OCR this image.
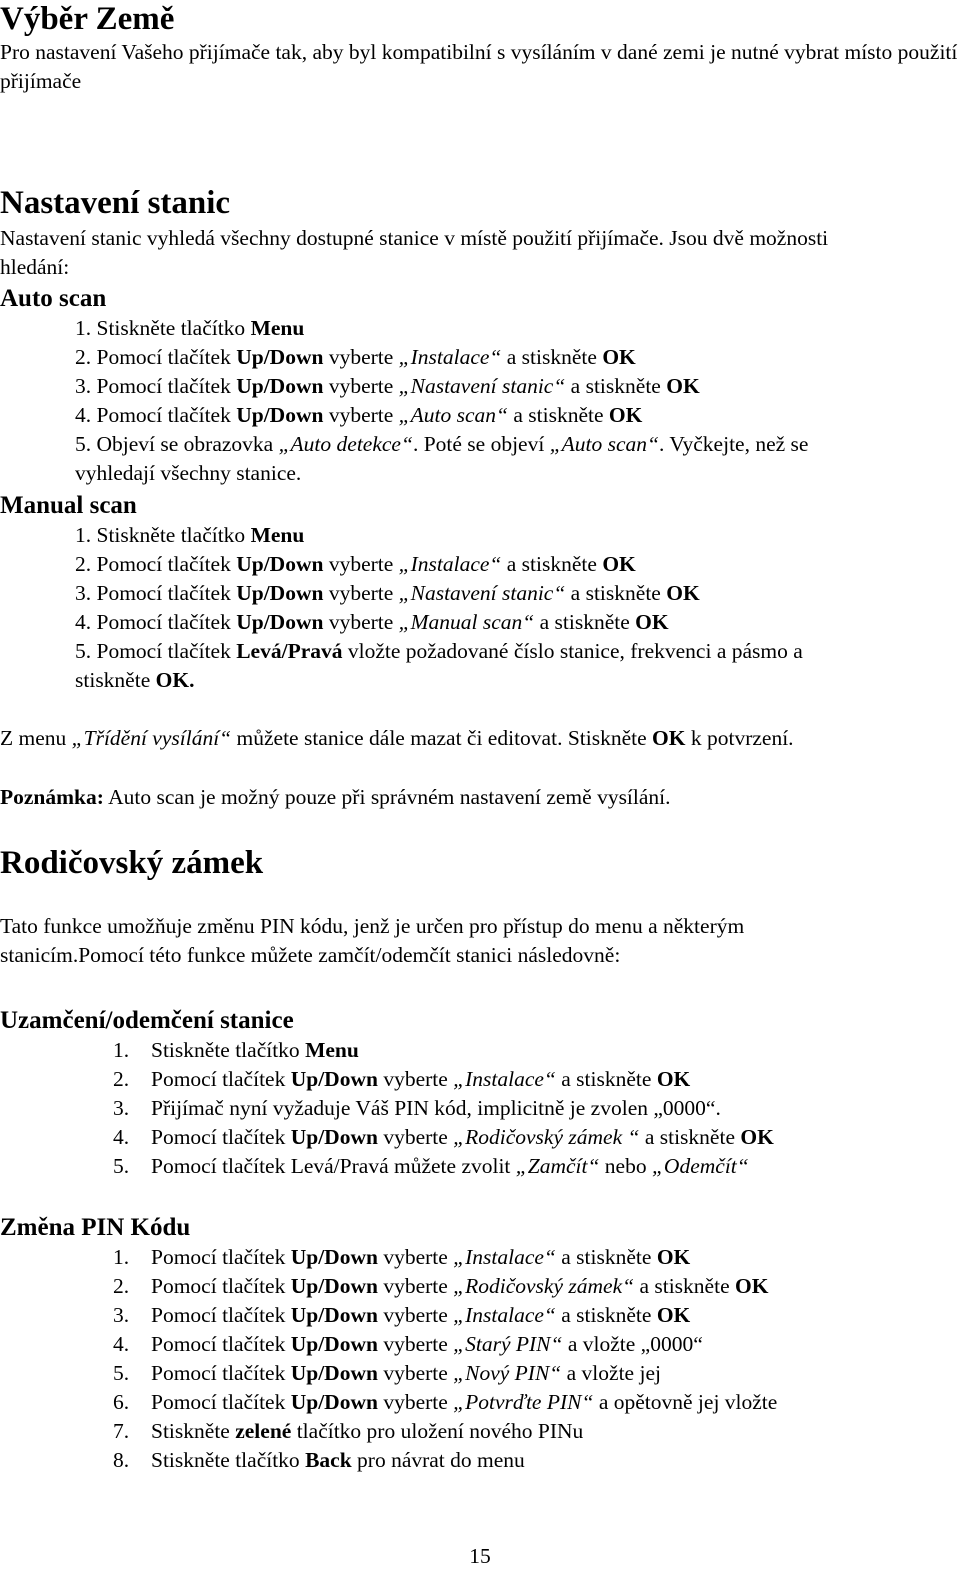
Výběr Země
Pro nastavení Vašeho přijímače tak, aby byl kompatibilní s vysíláním v dané zemi je nutné vybrat místo použití přijímače
Nastavení stanic
Nastavení stanic vyhledá všechny dostupné stanice v místě použití přijímače. Jsou dvě možnosti hledání:
Auto scan
1. Stiskněte tlačítko Menu
2. Pomocí tlačítek Up/Down vyberte „Instalace“ a stiskněte OK
3. Pomocí tlačítek Up/Down vyberte „Nastavení stanic“ a stiskněte OK
4. Pomocí tlačítek Up/Down vyberte „Auto scan“ a stiskněte OK
5. Objeví se obrazovka „Auto detekce“. Poté se objeví „Auto scan“. Vyčkejte, než se
vyhledají všechny stanice.
Manual scan
1. Stiskněte tlačítko Menu
2. Pomocí tlačítek Up/Down vyberte „Instalace“ a stiskněte OK
3. Pomocí tlačítek Up/Down vyberte „Nastavení stanic“ a stiskněte OK
4. Pomocí tlačítek Up/Down vyberte „Manual scan“ a stiskněte OK
5. Pomocí tlačítek Levá/Pravá vložte požadované číslo stanice, frekvenci a pásmo a
stiskněte OK.
Z menu „Třídění vysílání“ můžete stanice dále mazat či editovat. Stiskněte OK k potvrzení.
Poznámka: Auto scan je možný pouze při správném nastavení země vysílání.
Rodičovský zámek
Tato funkce umožňuje změnu PIN kódu, jenž je určen pro přístup do menu a některým
stanicím.Pomocí této funkce můžete zamčít/odemčít stanici následovně:
Uzamčení/odemčení stanice
1. Stiskněte tlačítko Menu
2. Pomocí tlačítek Up/Down vyberte „Instalace“ a stiskněte OK
3. Přijímač nyní vyžaduje Váš PIN kód, implicitně je zvolen „0000“.
4. Pomocí tlačítek Up/Down vyberte „Rodičovský zámek “ a stiskněte OK
5. Pomocí tlačítek Levá/Pravá můžete zvolit „Zamčít“ nebo „Odemčít“
Změna PIN Kódu
1. Pomocí tlačítek Up/Down vyberte „Instalace“ a stiskněte OK
2. Pomocí tlačítek Up/Down vyberte „Rodičovský zámek“ a stiskněte OK
3. Pomocí tlačítek Up/Down vyberte „Instalace“ a stiskněte OK
4. Pomocí tlačítek Up/Down vyberte „Starý PIN“ a vložte „0000“
5. Pomocí tlačítek Up/Down vyberte „Nový PIN“ a vložte jej
6. Pomocí tlačítek Up/Down vyberte „Potvrďte PIN“ a opětovně jej vložte
7. Stiskněte zelené tlačítko pro uložení nového PINu
8. Stiskněte tlačítko Back pro návrat do menu
15
